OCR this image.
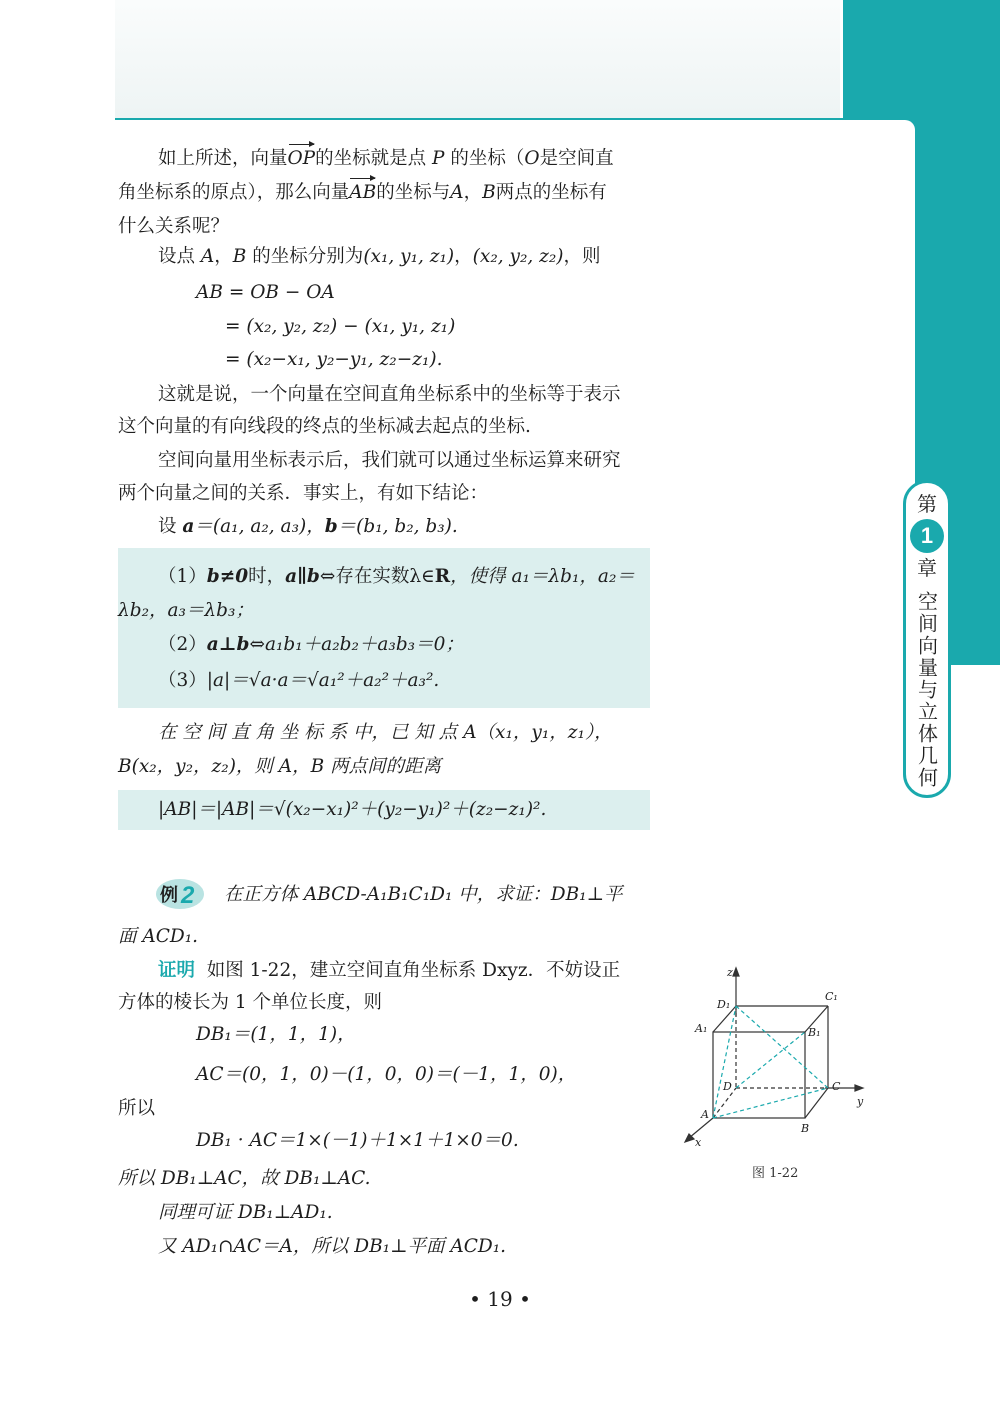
第
1
章
空间向量与立体几何
如上所述，向量OP的坐标就是点 P 的坐标（O是空间直
角坐标系的原点），那么向量AB的坐标与A，B两点的坐标有
什么关系呢？
设点 A，B 的坐标分别为(x₁, y₁, z₁)，(x₂, y₂, z₂)，则
AB = OB − OA
= (x₂, y₂, z₂) − (x₁, y₁, z₁)
= (x₂−x₁, y₂−y₁, z₂−z₁).
这就是说，一个向量在空间直角坐标系中的坐标等于表示
这个向量的有向线段的终点的坐标减去起点的坐标.
空间向量用坐标表示后，我们就可以通过坐标运算来研究
两个向量之间的关系．事实上，有如下结论：
设 a＝(a₁, a₂, a₃)，b＝(b₁, b₂, b₃).
（1）b≠0时，a∥b⇔存在实数λ∈R，使得 a₁＝λb₁，a₂＝
λb₂，a₃＝λb₃；
（2）a⊥b⇔a₁b₁＋a₂b₂＋a₃b₃＝0；
（3）|a|＝√a·a＝√a₁²＋a₂²＋a₃².
在 空 间 直 角 坐 标 系 中，已 知 点 A（x₁，y₁，z₁），
B(x₂，y₂，z₂)，则 A，B 两点间的距离
|AB|＝|AB|＝√(x₂−x₁)²＋(y₂−y₁)²＋(z₂−z₁)².
例 2 在正方体 ABCD-A₁B₁C₁D₁ 中，求证：DB₁⊥平
面 ACD₁.
证明 如图 1-22，建立空间直角坐标系 Dxyz．不妨设正
方体的棱长为 1 个单位长度，则
DB₁＝(1，1，1)，
AC＝(0，1，0)－(1，0，0)＝(－1，1，0)，
所以
DB₁ · AC＝1×(－1)＋1×1＋1×0＝0.
所以 DB₁⊥AC，故 DB₁⊥AC.
同理可证 DB₁⊥AD₁.
又 AD₁∩AC＝A，所以 DB₁⊥平面 ACD₁.
z
y
x
A
B
C
D
A₁	B₁
C₁
D₁
图 1-22
• 19 •
